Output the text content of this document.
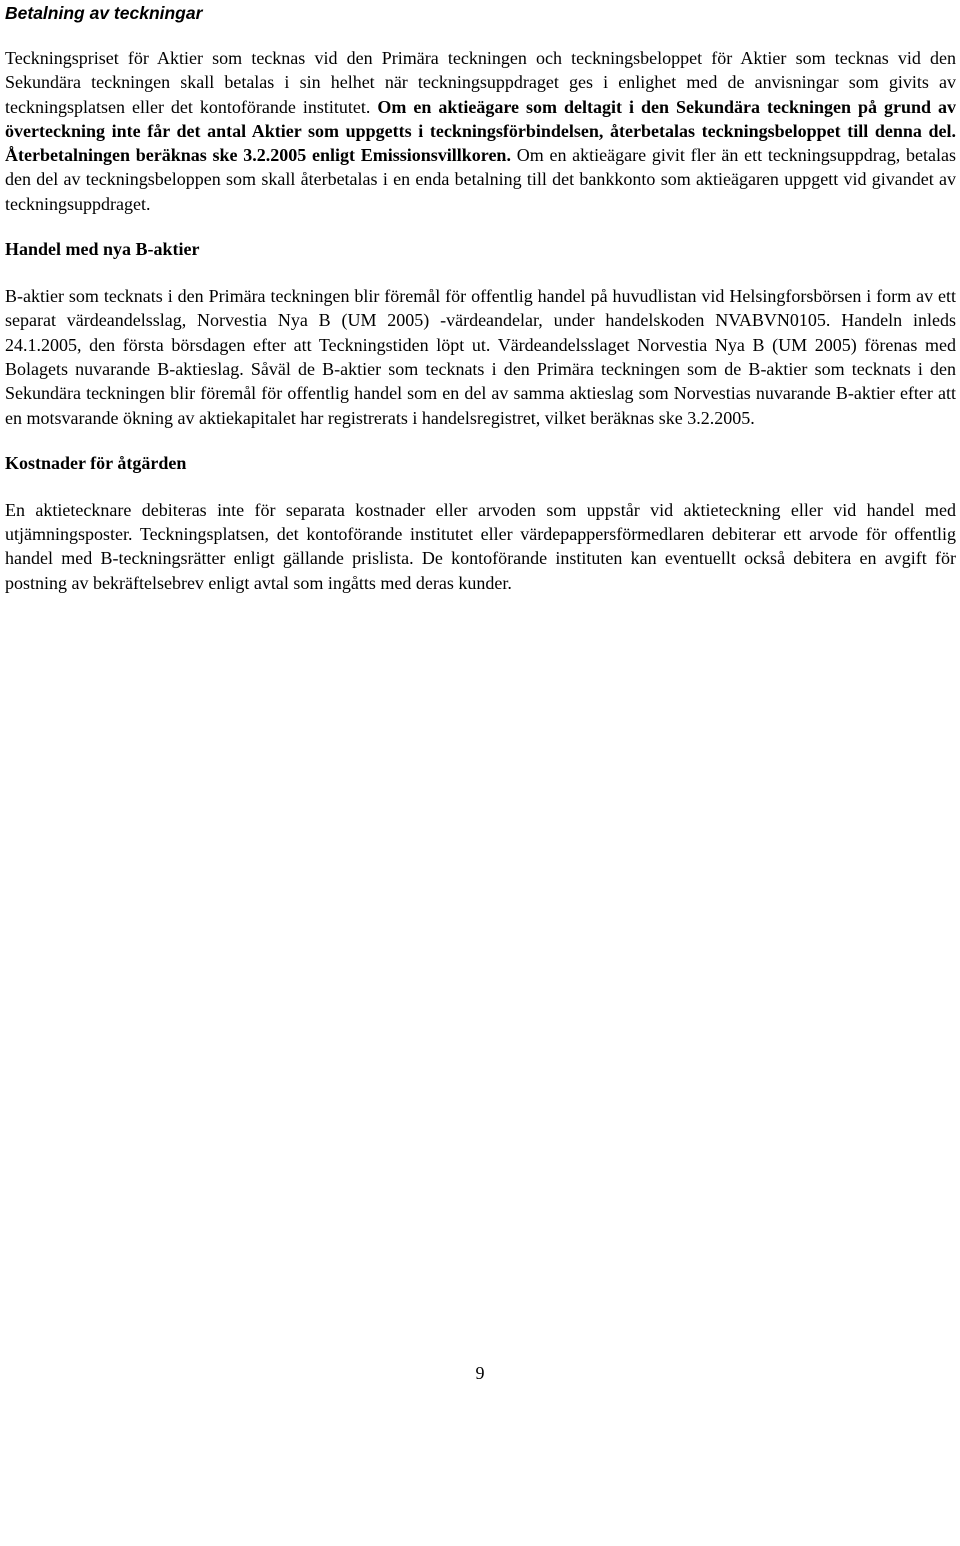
Betalning av teckningar

Teckningspriset för Aktier som tecknas vid den Primära teckningen och teckningsbeloppet för Aktier som tecknas vid den Sekundära teckningen skall betalas i sin helhet när teckningsuppdraget ges i enlighet med de anvisningar som givits av teckningsplatsen eller det kontoförande institutet. Om en aktieägare som deltagit i den Sekundära teckningen på grund av överteckning inte får det antal Aktier som uppgetts i teckningsförbindelsen, återbetalas teckningsbeloppet till denna del. Återbetalningen beräknas ske 3.2.2005 enligt Emissionsvillkoren. Om en aktieägare givit fler än ett teckningsuppdrag, betalas den del av teckningsbeloppen som skall återbetalas i en enda betalning till det bankkonto som aktieägaren uppgett vid givandet av teckningsuppdraget.

Handel med nya B-aktier

B-aktier som tecknats i den Primära teckningen blir föremål för offentlig handel på huvudlistan vid Helsingforsbörsen i form av ett separat värdeandelsslag, Norvestia Nya B (UM 2005) -värdeandelar, under handelskoden NVABVN0105. Handeln inleds 24.1.2005, den första börsdagen efter att Teckningstiden löpt ut. Värdeandelsslaget Norvestia Nya B (UM 2005) förenas med Bolagets nuvarande B-aktieslag. Såväl de B-aktier som tecknats i den Primära teckningen som de B-aktier som tecknats i den Sekundära teckningen blir föremål för offentlig handel som en del av samma aktieslag som Norvestias nuvarande B-aktier efter att en motsvarande ökning av aktiekapitalet har registrerats i handelsregistret, vilket beräknas ske 3.2.2005.

Kostnader för åtgärden

En aktietecknare debiteras inte för separata kostnader eller arvoden som uppstår vid aktieteckning eller vid handel med utjämningsposter. Teckningsplatsen, det kontoförande institutet eller värdepappersförmedlaren debiterar ett arvode för offentlig handel med B-teckningsrätter enligt gällande prislista. De kontoförande instituten kan eventuellt också debitera en avgift för postning av bekräftelsebrev enligt avtal som ingåtts med deras kunder.

9
